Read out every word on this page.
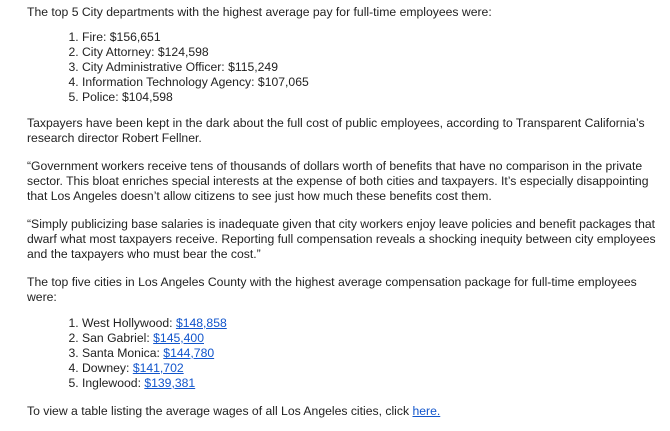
The top 5 City departments with the highest average pay for full-time employees were:

1. Fire: $156,651
2. City Attorney: $124,598
3. City Administrative Officer: $115,249
4. Information Technology Agency: $107,065
5. Police: $104,598

Taxpayers have been kept in the dark about the full cost of public employees, according to Transparent California’s research director Robert Fellner.

“Government workers receive tens of thousands of dollars worth of benefits that have no comparison in the private sector. This bloat enriches special interests at the expense of both cities and taxpayers. It’s especially disappointing that Los Angeles doesn’t allow citizens to see just how much these benefits cost them.

“Simply publicizing base salaries is inadequate given that city workers enjoy leave policies and benefit packages that dwarf what most taxpayers receive. Reporting full compensation reveals a shocking inequity between city employees and the taxpayers who must bear the cost.”

The top five cities in Los Angeles County with the highest average compensation package for full-time employees were:

1. West Hollywood: $148,858
2. San Gabriel: $145,400
3. Santa Monica: $144,780
4. Downey: $141,702
5. Inglewood: $139,381

To view a table listing the average wages of all Los Angeles cities, click here.
